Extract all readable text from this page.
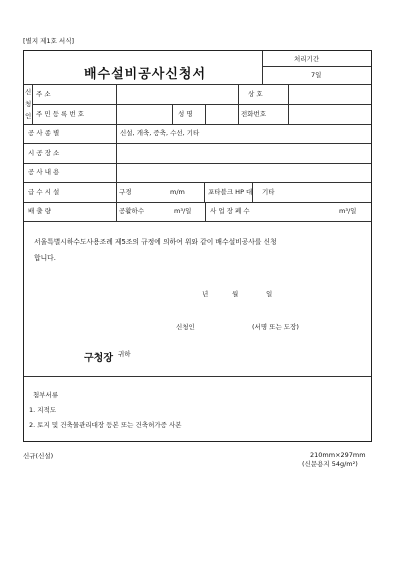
[별지 제1호 서식]
배수설비공사신청서
처리기간
7일
신
청
인
주 소	상 호
주 민 등 록 번 호	성 명	전화번호
공 사 종 별	신설, 개축, 증축, 수선, 기타
시 공 장 소
공 사 내 용
급 수 시 설	구경	m/m	포타블크 HP 대 기타
배 출 량	공활하수	m³/일	사 업 장 폐 수	m³/일
서울특별시하수도사용조례 제5조의 규정에 의하여 위와 같이 배수설비공사를 신청
합니다.
년	월	일
신청인	(서명 또는 도장)
구청장 귀하
첨부서류
1. 지적도
2. 토지 및 건축물관리대장 등본 또는 건축허가증 사본
신규(신설)	210mm×297mm
(신문용지 54g/m²)
